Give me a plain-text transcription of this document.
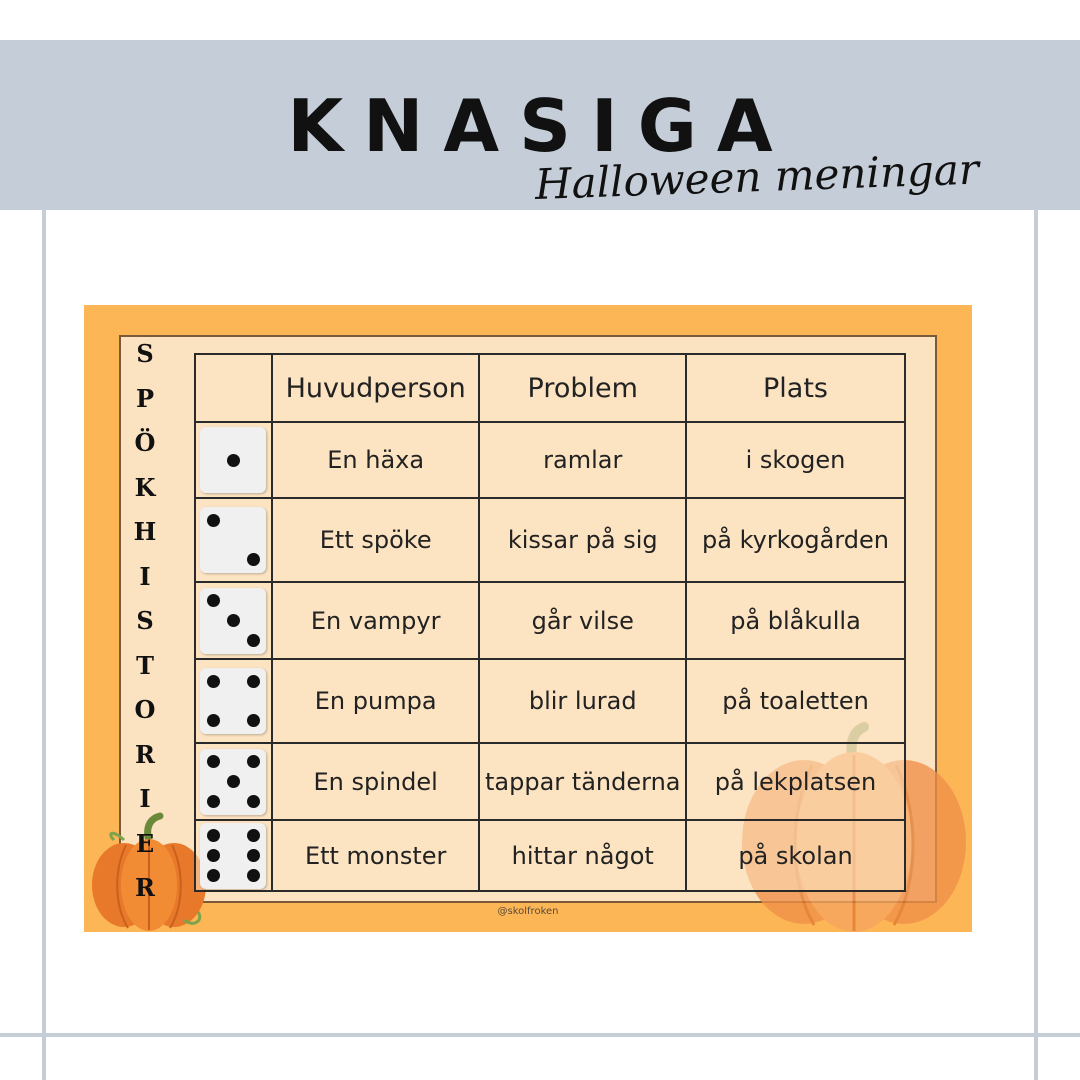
KNASIGA
Halloween meningar
S
P
Ö
K
H
I
S
T
O
R
I
E
R
	Huvudperson	Problem	Plats

	En häxa	ramlar	i skogen

	Ett spöke	kissar på sig	på kyrkogården

	En vampyr	går vilse	på blåkulla

	En pumpa	blir lurad	på toaletten

	En spindel	tappar tänderna	på lekplatsen

	Ett monster	hittar något	på skolan
@skolfroken
